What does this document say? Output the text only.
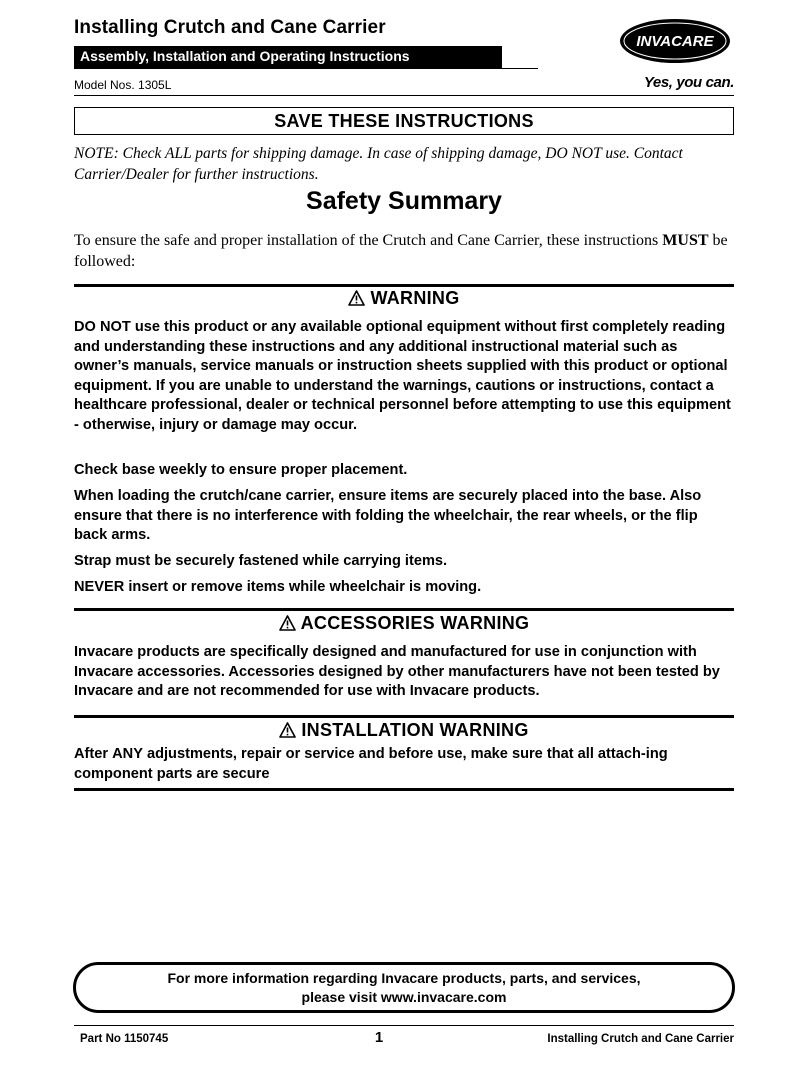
Installing Crutch and Cane Carrier
Assembly, Installation and Operating Instructions
Model Nos. 1305L
INVACARE
Yes, you can.
SAVE THESE INSTRUCTIONS
NOTE: Check ALL parts for shipping damage. In case of shipping damage, DO NOT use. Contact Carrier/Dealer for further instructions.
Safety Summary
To ensure the safe and proper installation of the Crutch and Cane Carrier, these instructions MUST be followed:
WARNING
DO NOT use this product or any available optional equipment without first completely reading and understanding these instructions and any additional instructional material such as owner’s manuals, service manuals or instruction sheets supplied with this product or optional equipment. If you are unable to understand the warnings, cautions or instructions, contact a healthcare professional, dealer or technical personnel before attempting to use this equipment - otherwise, injury or damage may occur.
Check base weekly to ensure proper placement.
When loading the crutch/cane carrier, ensure items are securely placed into the base. Also ensure that there is no interference with folding the wheelchair, the rear wheels, or the flip back arms.
Strap must be securely fastened while carrying items.
NEVER insert or remove items while wheelchair is moving.
ACCESSORIES WARNING
Invacare products are specifically designed and manufactured for use in conjunction with Invacare accessories. Accessories designed by other manufacturers have not been tested by Invacare and are not recommended for use with Invacare products.
INSTALLATION WARNING
After ANY adjustments, repair or service and before use, make sure that all attach-ing component parts are secure
For more information regarding Invacare products, parts, and services,
please visit www.invacare.com
Part No 1150745	1	Installing Crutch and Cane Carrier
